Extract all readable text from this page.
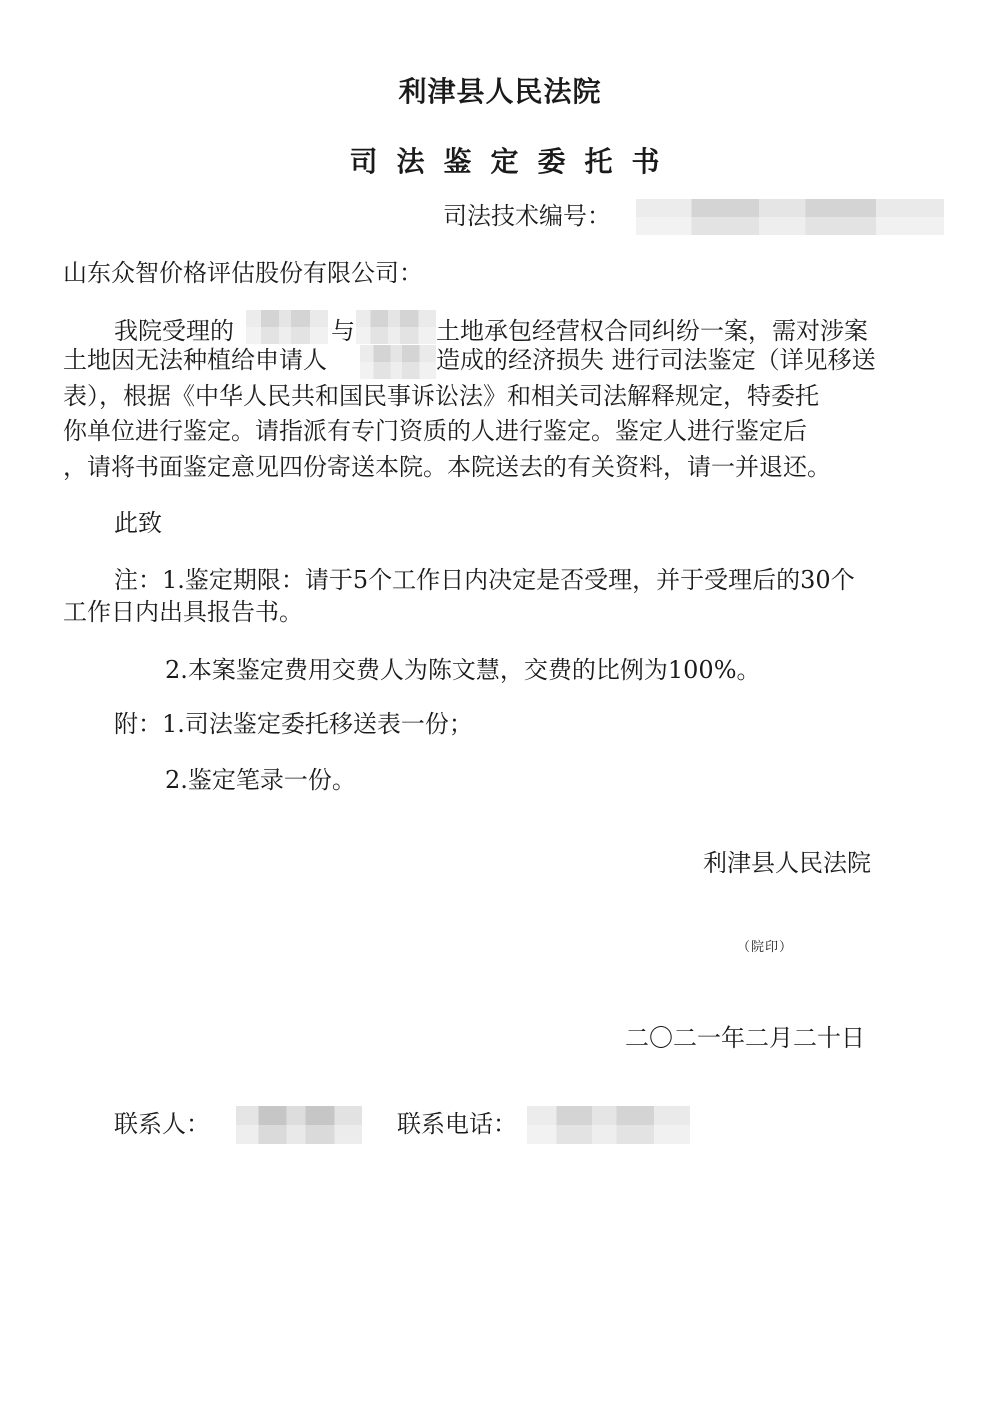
利津县人民法院
司法鉴定委托书
司法技术编号：
山东众智价格评估股份有限公司：
我院受理的	与	土地承包经营权合同纠纷一案，需对涉案
土地因无法种植给申请人	造成的经济损失 进行司法鉴定（详见移送
表），根据《中华人民共和国民事诉讼法》和相关司法解释规定，特委托
你单位进行鉴定。请指派有专门资质的人进行鉴定。鉴定人进行鉴定后
，请将书面鉴定意见四份寄送本院。本院送去的有关资料，请一并退还。
此致
注：1.鉴定期限：请于5个工作日内决定是否受理，并于受理后的30个
工作日内出具报告书。
2.本案鉴定费用交费人为陈文慧，交费的比例为100%。
附：1.司法鉴定委托移送表一份；
2.鉴定笔录一份。
利津县人民法院
（院印）
二〇二一年二月二十日
联系人：	联系电话：
